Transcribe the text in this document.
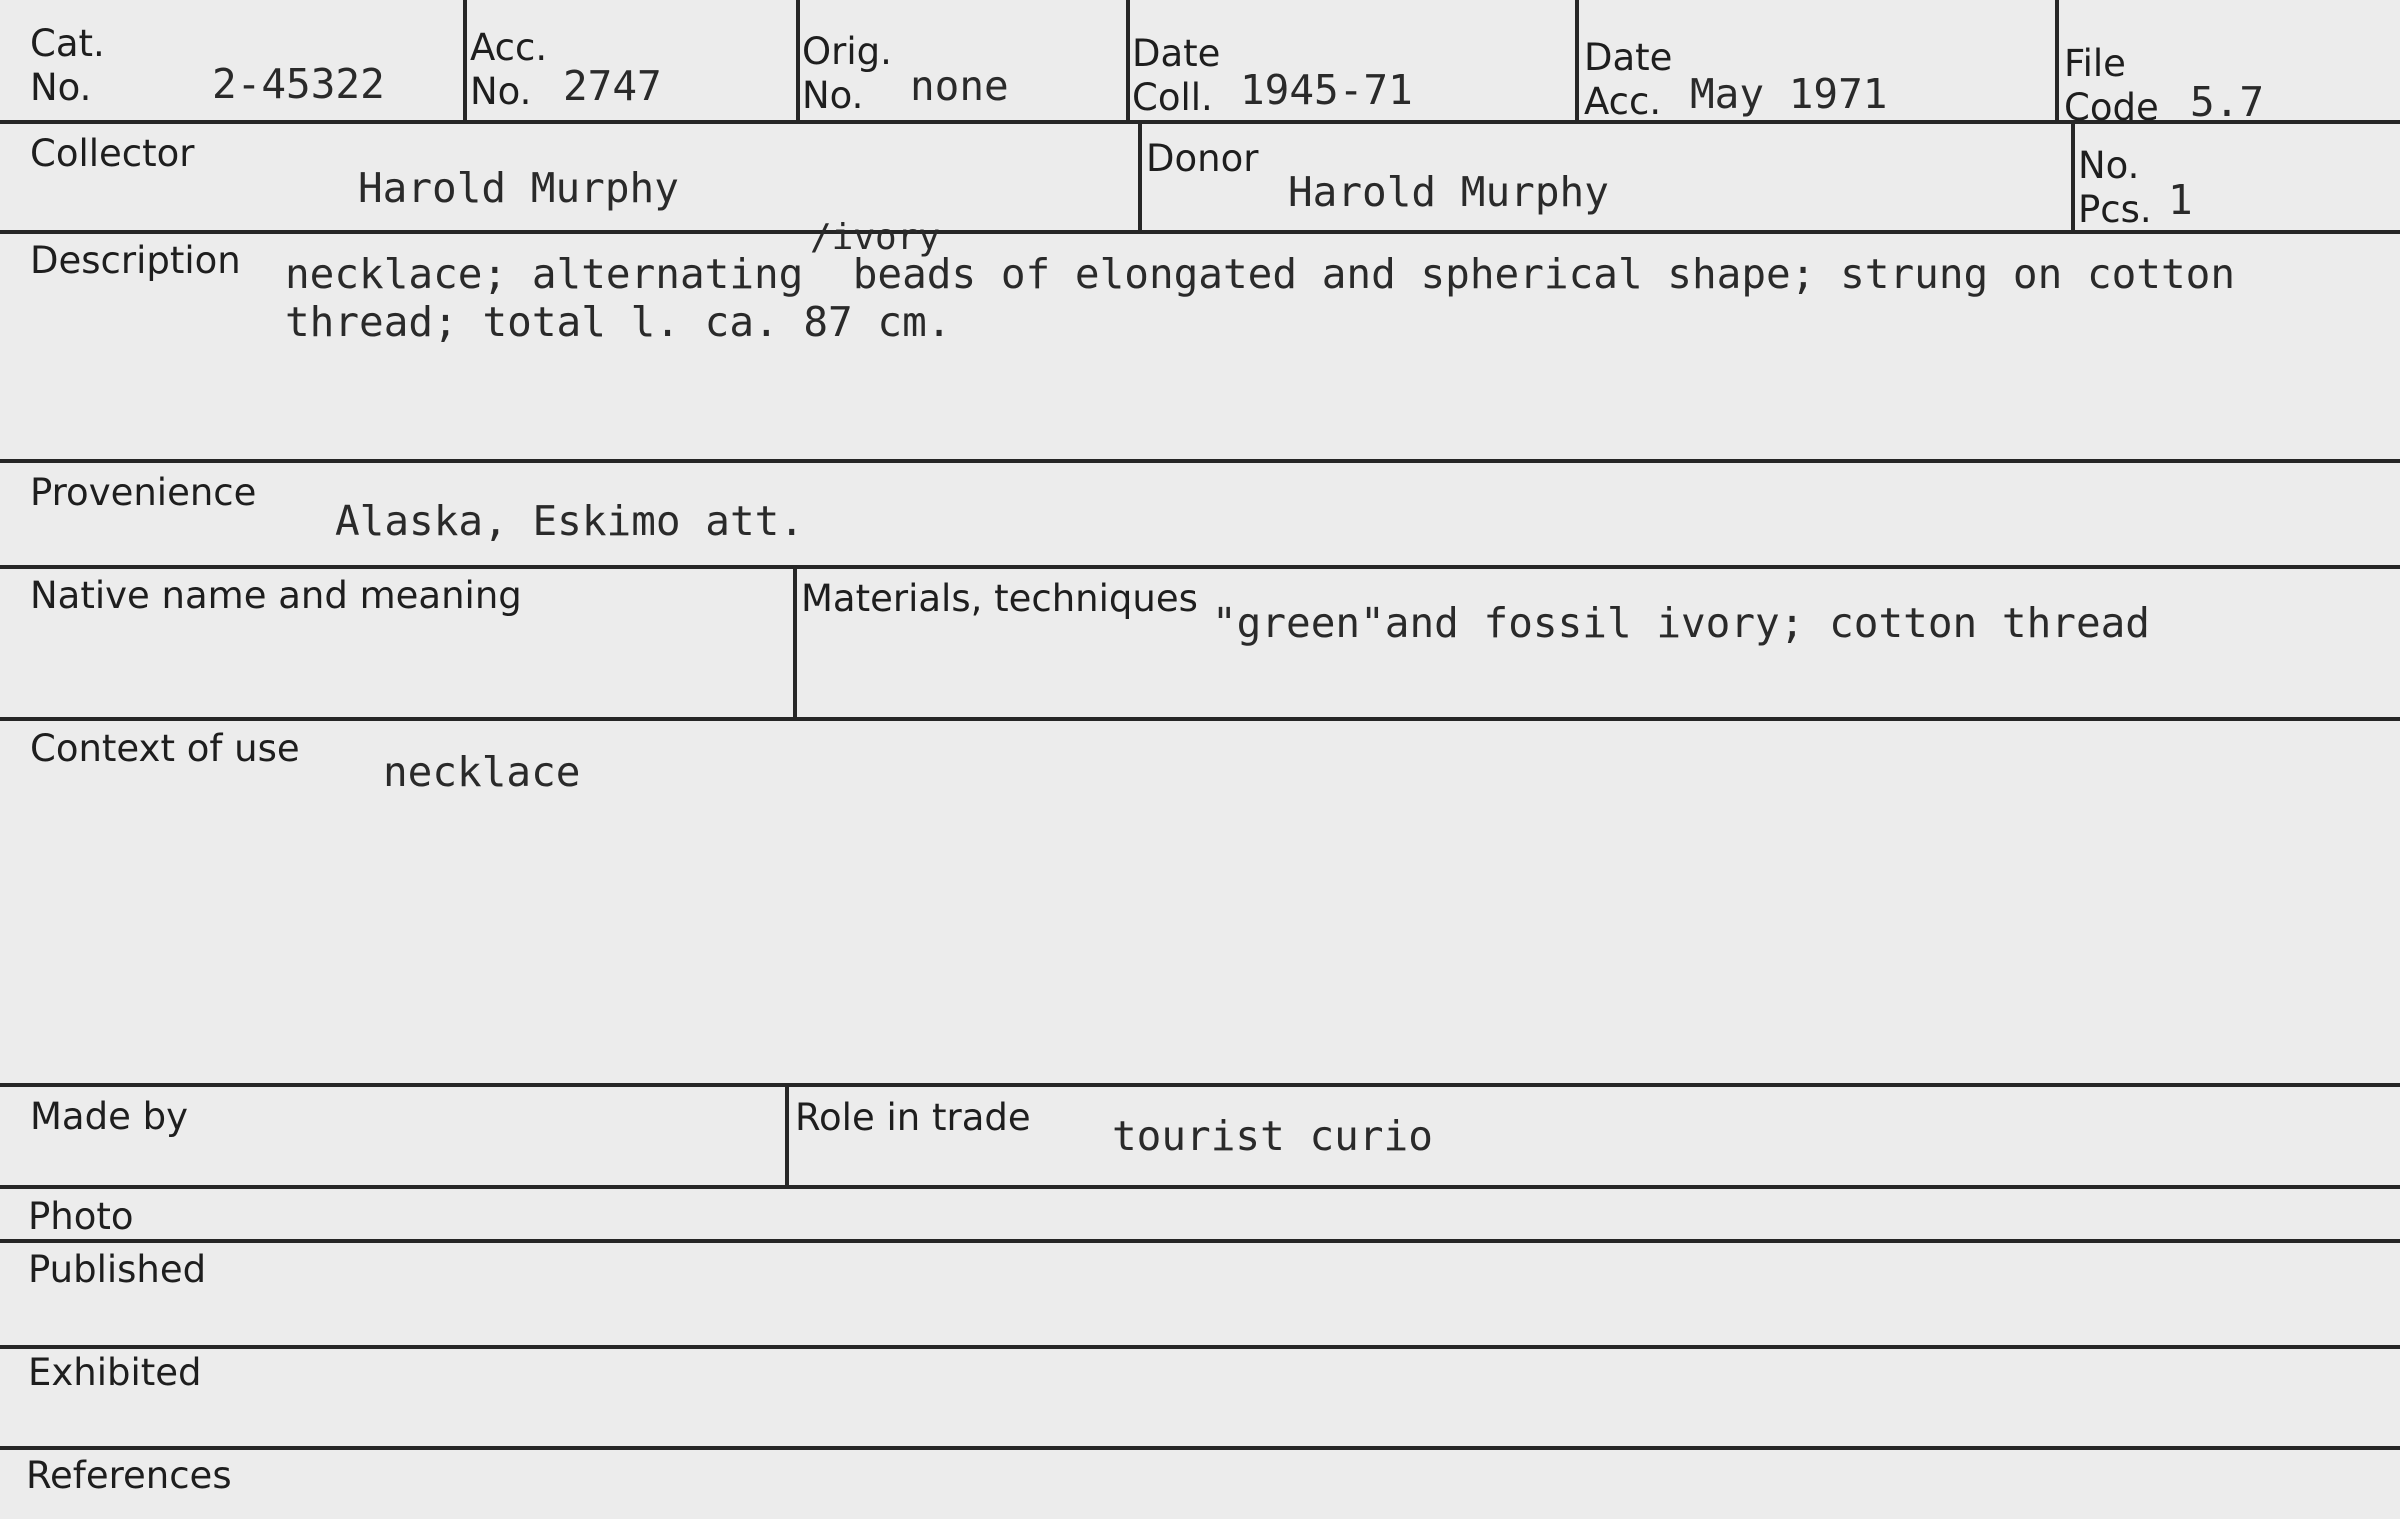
Cat.
No.	2-45322
Acc.
No. 2747
Orig.
No.	none
Date
Coll. 1945-71
Date
Acc. May 1971
File
Code 5.7
Collector
Harold Murphy
Donor
Harold Murphy
No.
Pcs. 1
Description
/ivory
necklace; alternating  beads of elongated and spherical shape; strung on cotton
thread; total l. ca. 87 cm.
Provenience
Alaska, Eskimo att.
Native name and meaning	Materials, techniques
"green"and fossil ivory; cotton thread
Context of use necklace
Made by	Role in trade tourist curio
Photo
Published
Exhibited
References
